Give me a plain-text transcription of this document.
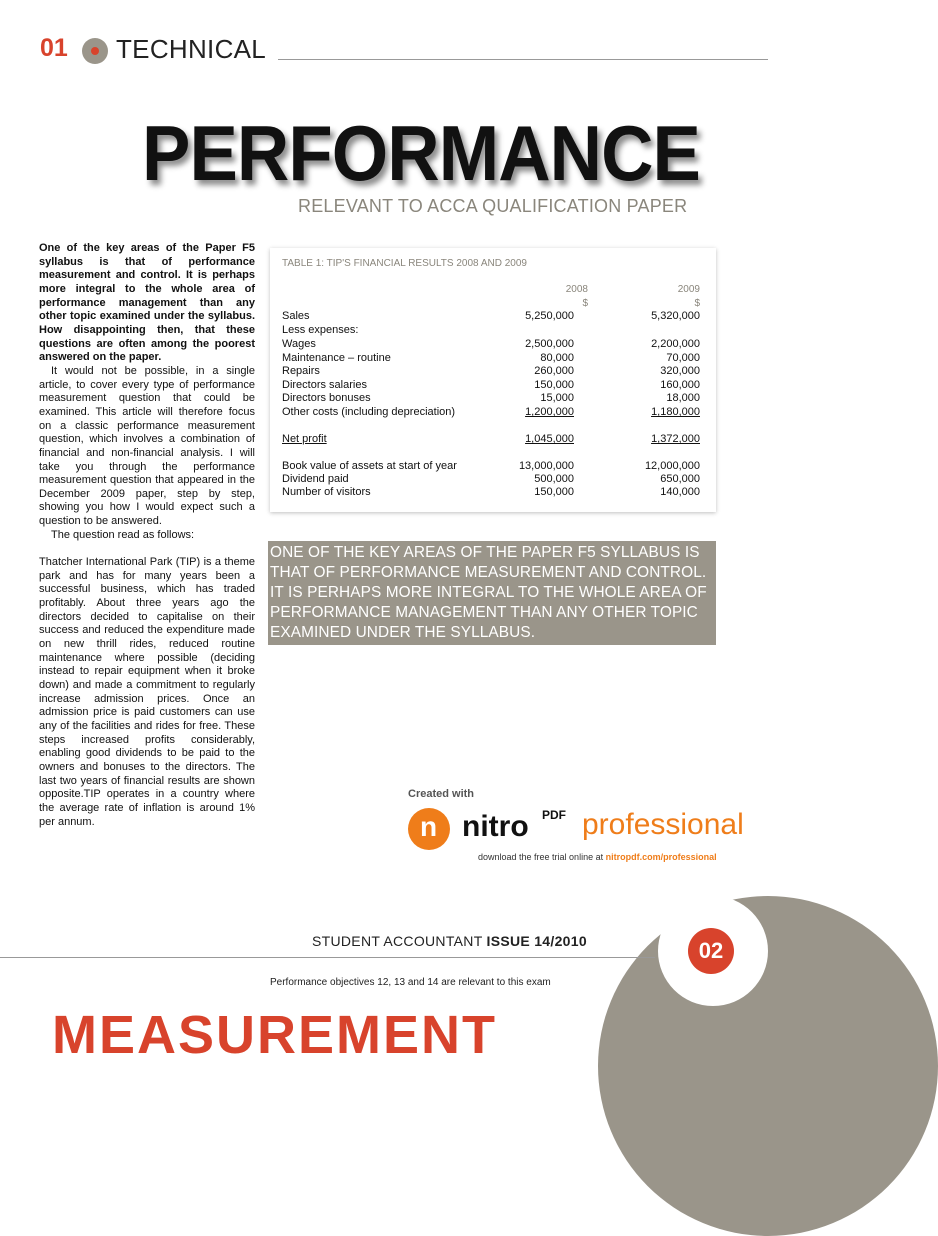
01 TECHNICAL
PERFORMANCE
RELEVANT TO ACCA QUALIFICATION PAPER

One of the key areas of the Paper F5 syllabus is that of performance measurement and control. It is perhaps more integral to the whole area of performance management than any other topic examined under the syllabus. How disappointing then, that these questions are often among the poorest answered on the paper.

It would not be possible, in a single article, to cover every type of performance measurement question that could be examined. This article will therefore focus on a classic performance measurement question, which involves a combination of financial and non-financial analysis. I will take you through the performance measurement question that appeared in the December 2009 paper, step by step, showing you how I would expect such a question to be answered.

The question read as follows:

Thatcher International Park (TIP) is a theme park and has for many years been a successful business, which has traded profitably. About three years ago the directors decided to capitalise on their success and reduced the expenditure made on new thrill rides, reduced routine maintenance where possible (deciding instead to repair equipment when it broke down) and made a commitment to regularly increase admission prices. Once an admission price is paid customers can use any of the facilities and rides for free. These steps increased profits considerably, enabling good dividends to be paid to the owners and bonuses to the directors. The last two years of financial results are shown opposite.TIP operates in a country where the average rate of inflation is around 1% per annum.

TABLE 1: TIP'S FINANCIAL RESULTS 2008 AND 2009
2008	2009
$	$
Sales	5,250,000	5,320,000
Less expenses:
Wages	2,500,000	2,200,000
Maintenance – routine	80,000	70,000
Repairs	260,000	320,000
Directors salaries	150,000	160,000
Directors bonuses	15,000	18,000
Other costs (including depreciation)	1,200,000	1,180,000
Net profit	1,045,000	1,372,000
Book value of assets at start of year	13,000,000	12,000,000
Dividend paid	500,000	650,000
Number of visitors	150,000	140,000
ONE OF THE KEY AREAS OF THE PAPER F5 SYLLABUS IS THAT OF PERFORMANCE MEASUREMENT AND CONTROL. IT IS PERHAPS MORE INTEGRAL TO THE WHOLE AREA OF PERFORMANCE MANAGEMENT THAN ANY OTHER TOPIC EXAMINED UNDER THE SYLLABUS.
Created with
n
nitro PDF professional
download the free trial online at nitropdf.com/professional
02
STUDENT ACCOUNTANT ISSUE 14/2010
Performance objectives 12, 13 and 14 are relevant to this exam
MEASUREMENT
